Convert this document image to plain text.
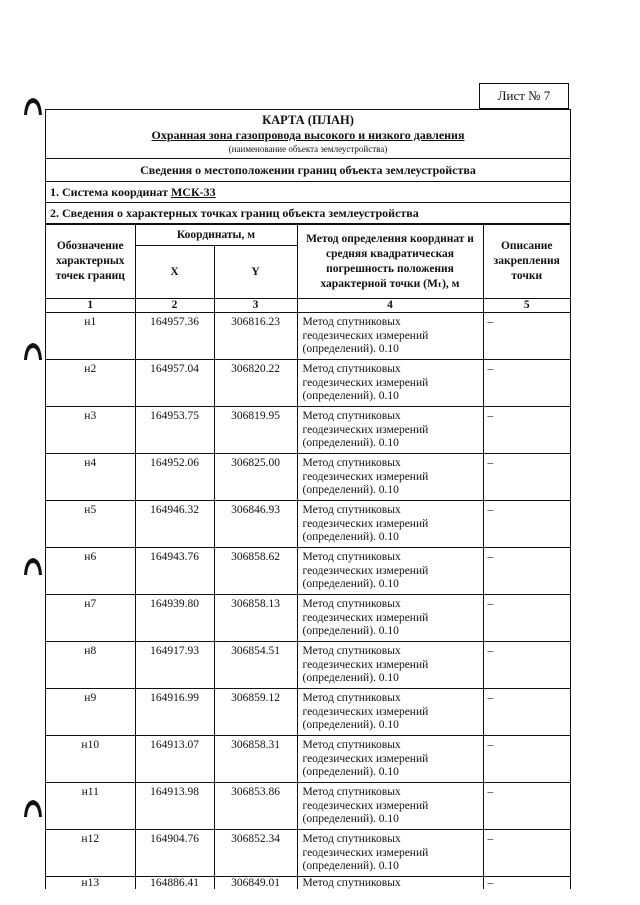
Лист № 7
КАРТА (ПЛАН)
Охранная зона газопровода высокого и низкого давления
(наименование объекта землеустройства)
Сведения о местоположении границ объекта землеустройства
1. Система координат МСК-33
2. Сведения о характерных точках границ объекта землеустройства
Обозначение характерных точек границ	Координаты, м		Метод определения координат и средняя квадратическая погрешность положения характерной точки (Mₜ), м	Описание закрепления точки
	X	Y		
1	2	3	4	5
н1	164957.36	306816.23	Метод спутниковых
геодезических измерений
(определений). 0.10	–
н2	164957.04	306820.22	Метод спутниковых
геодезических измерений
(определений). 0.10	–
н3	164953.75	306819.95	Метод спутниковых
геодезических измерений
(определений). 0.10	–
н4	164952.06	306825.00	Метод спутниковых
геодезических измерений
(определений). 0.10	–
н5	164946.32	306846.93	Метод спутниковых
геодезических измерений
(определений). 0.10	–
н6	164943.76	306858.62	Метод спутниковых
геодезических измерений
(определений). 0.10	–
н7	164939.80	306858.13	Метод спутниковых
геодезических измерений
(определений). 0.10	–
н8	164917.93	306854.51	Метод спутниковых
геодезических измерений
(определений). 0.10	–
н9	164916.99	306859.12	Метод спутниковых
геодезических измерений
(определений). 0.10	–
н10	164913.07	306858.31	Метод спутниковых
геодезических измерений
(определений). 0.10	–
н11	164913.98	306853.86	Метод спутниковых
геодезических измерений
(определений). 0.10	–
н12	164904.76	306852.34	Метод спутниковых
геодезических измерений
(определений). 0.10	–
н13	164886.41	306849.01	Метод спутниковых	–
